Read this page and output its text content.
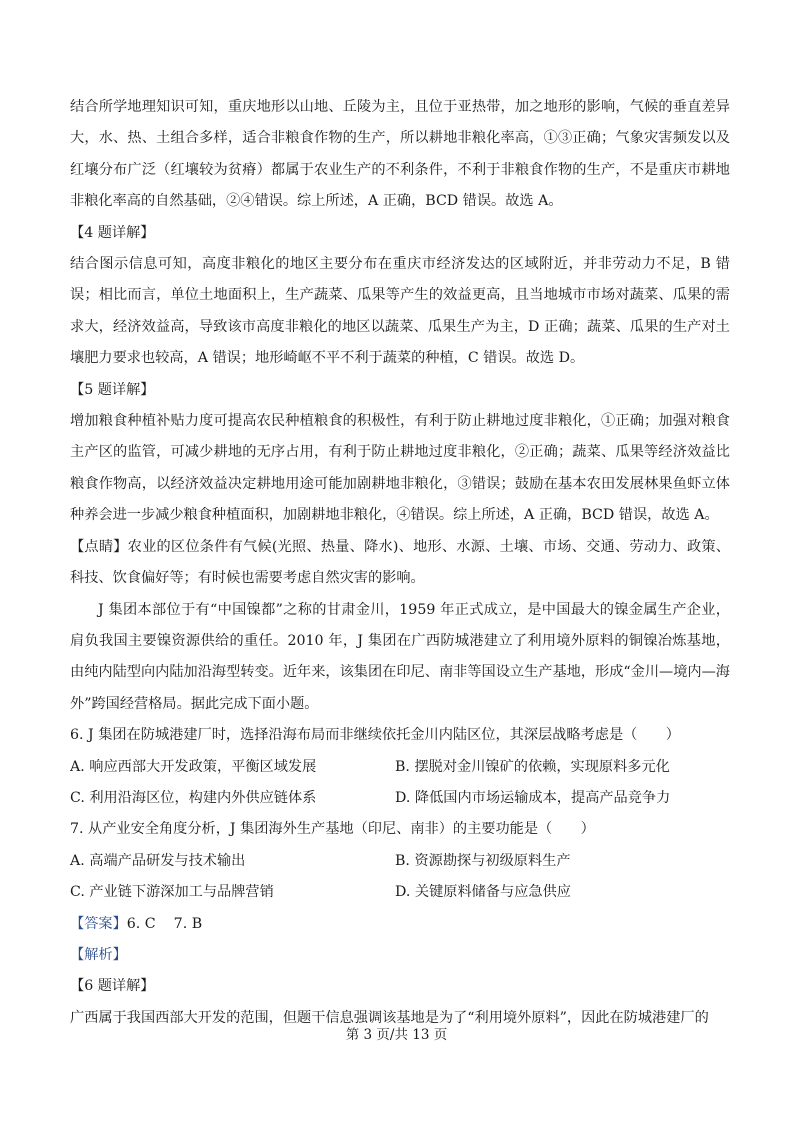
结合所学地理知识可知，重庆地形以山地、丘陵为主，且位于亚热带，加之地形的影响，气候的垂直差异大，水、热、土组合多样，适合非粮食作物的生产，所以耕地非粮化率高，①③正确；气象灾害频发以及红壤分布广泛（红壤较为贫瘠）都属于农业生产的不利条件，不利于非粮食作物的生产，不是重庆市耕地非粮化率高的自然基础，②④错误。综上所述，A 正确，BCD 错误。故选 A。

【4 题详解】

结合图示信息可知，高度非粮化的地区主要分布在重庆市经济发达的区域附近，并非劳动力不足，B 错误；相比而言，单位土地面积上，生产蔬菜、瓜果等产生的效益更高，且当地城市市场对蔬菜、瓜果的需求大，经济效益高，导致该市高度非粮化的地区以蔬菜、瓜果生产为主，D 正确；蔬菜、瓜果的生产对土壤肥力要求也较高，A 错误；地形崎岖不平不利于蔬菜的种植，C 错误。故选 D。

【5 题详解】

增加粮食种植补贴力度可提高农民种植粮食的积极性，有利于防止耕地过度非粮化，①正确；加强对粮食主产区的监管，可减少耕地的无序占用，有利于防止耕地过度非粮化，②正确；蔬菜、瓜果等经济效益比粮食作物高，以经济效益决定耕地用途可能加剧耕地非粮化，③错误；鼓励在基本农田发展林果鱼虾立体种养会进一步减少粮食种植面积，加剧耕地非粮化，④错误。综上所述，A 正确，BCD 错误，故选 A。

【点睛】农业的区位条件有气候(光照、热量、降水)、地形、水源、土壤、市场、交通、劳动力、政策、科技、饮食偏好等；有时候也需要考虑自然灾害的影响。

J 集团本部位于有“中国镍都”之称的甘肃金川，1959 年正式成立，是中国最大的镍金属生产企业，肩负我国主要镍资源供给的重任。2010 年，J 集团在广西防城港建立了利用境外原料的铜镍冶炼基地，由纯内陆型向内陆加沿海型转变。近年来，该集团在印尼、南非等国设立生产基地，形成“金川—境内—海外”跨国经营格局。据此完成下面小题。

6. J 集团在防城港建厂时，选择沿海布局而非继续依托金川内陆区位，其深层战略考虑是（　　）

A. 响应西部大开发政策，平衡区域发展	B. 摆脱对金川镍矿的依赖，实现原料多元化
C. 利用沿海区位，构建内外供应链体系	D. 降低国内市场运输成本，提高产品竞争力

7. 从产业安全角度分析，J 集团海外生产基地（印尼、南非）的主要功能是（　　）

A. 高端产品研发与技术输出	B. 资源勘探与初级原料生产
C. 产业链下游深加工与品牌营销	D. 关键原料储备与应急供应

【答案】6. C 7. B

【解析】

【6 题详解】

广西属于我国西部大开发的范围，但题干信息强调该基地是为了“利用境外原料”，因此在防城港建厂的

第 3 页/共 13 页
